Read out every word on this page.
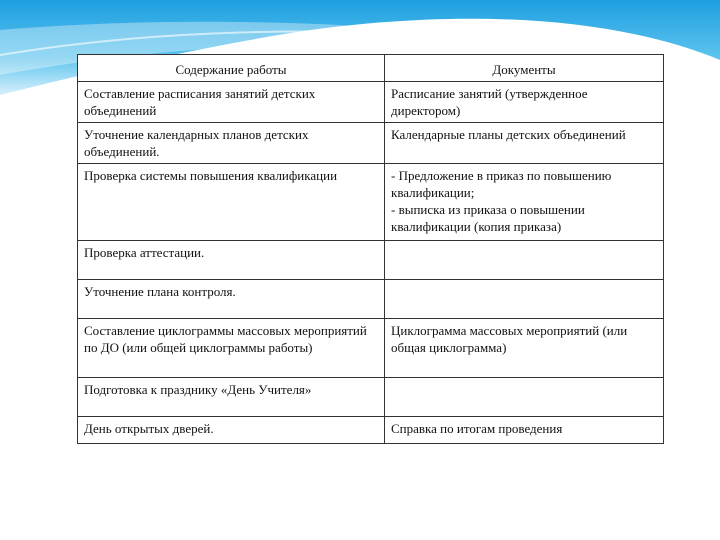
Содержание работы	Документы
Составление расписания занятий детских объединений	Расписание занятий (утвержденное директором)

Уточнение календарных планов детских объединений.	Календарные планы детских объединений

Проверка системы повышения квалификации	- Предложение в приказ по повышению квалификации;
- выписка из приказа о повышении квалификации (копия приказа)

Проверка аттестации.	
Уточнение плана контроля.	
Составление циклограммы массовых мероприятий по ДО (или общей циклограммы работы)	Циклограмма массовых мероприятий (или общая циклограмма)

Подготовка к празднику «День Учителя»	
День открытых дверей.	Справка по итогам проведения
